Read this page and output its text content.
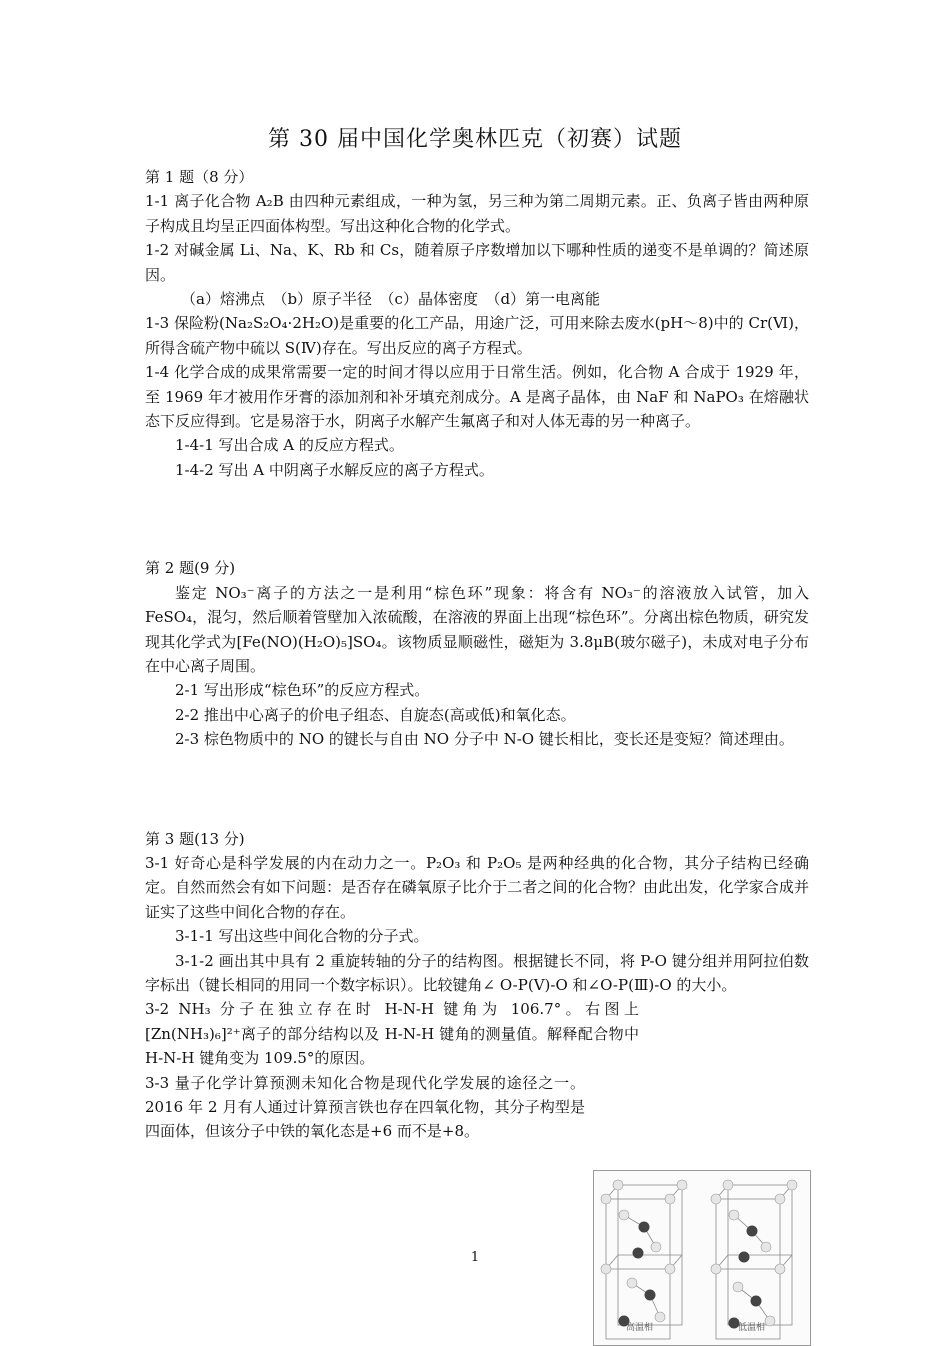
第 30 届中国化学奥林匹克（初赛）试题

第 1 题（8 分）

1-1 离子化合物 A₂B 由四种元素组成，一种为氢，另三种为第二周期元素。正、负离子皆由两种原子构成且均呈正四面体构型。写出这种化合物的化学式。

1-2 对碱金属 Li、Na、K、Rb 和 Cs，随着原子序数增加以下哪种性质的递变不是单调的？简述原因。

（a）熔沸点　（b）原子半径　（c）晶体密度　（d）第一电离能

1-3 保险粉(Na₂S₂O₄·2H₂O)是重要的化工产品，用途广泛，可用来除去废水(pH～8)中的 Cr(Ⅵ)，所得含硫产物中硫以 S(Ⅳ)存在。写出反应的离子方程式。

1-4 化学合成的成果常需要一定的时间才得以应用于日常生活。例如，化合物 A 合成于 1929 年，至 1969 年才被用作牙膏的添加剂和补牙填充剂成分。A 是离子晶体，由 NaF 和 NaPO₃ 在熔融状态下反应得到。它是易溶于水，阴离子水解产生氟离子和对人体无毒的另一种离子。

1-4-1 写出合成 A 的反应方程式。

1-4-2 写出 A 中阴离子水解反应的离子方程式。

第 2 题(9 分)

鉴定 NO₃⁻离子的方法之一是利用“棕色环”现象：将含有 NO₃⁻的溶液放入试管，加入 FeSO₄，混匀，然后顺着管壁加入浓硫酸，在溶液的界面上出现“棕色环”。分离出棕色物质，研究发现其化学式为[Fe(NO)(H₂O)₅]SO₄。该物质显顺磁性，磁矩为 3.8μB(玻尔磁子)，未成对电子分布在中心离子周围。

2-1 写出形成“棕色环”的反应方程式。

2-2 推出中心离子的价电子组态、自旋态(高或低)和氧化态。

2-3 棕色物质中的 NO 的键长与自由 NO 分子中 N-O 键长相比，变长还是变短？简述理由。

第 3 题(13 分)

3-1 好奇心是科学发展的内在动力之一。P₂O₃ 和 P₂O₅ 是两种经典的化合物，其分子结构已经确定。自然而然会有如下问题：是否存在磷氧原子比介于二者之间的化合物？由此出发，化学家合成并证实了这些中间化合物的存在。

3-1-1 写出这些中间化合物的分子式。

3-1-2 画出其中具有 2 重旋转轴的分子的结构图。根据键长不同，将 P-O 键分组并用阿拉伯数字标出（键长相同的用同一个数字标识）。比较键角∠ O-P(Ⅴ)-O 和∠O-P(Ⅲ)-O 的大小。

3-2 NH₃ 分子在独立存在时 H-N-H 键角为 106.7°。右图上[Zn(NH₃)₆]²⁺离子的部分结构以及 H-N-H 键角的测量值。解释配合物中 H-N-H 键角变为 109.5°的原因。

3-3 量子化学计算预测未知化合物是现代化学发展的途径之一。2016 年 2 月有人通过计算预言铁也存在四氧化物，其分子构型是四面体，但该分子中铁的氧化态是+6 而不是+8。

1
高温相	低温相
